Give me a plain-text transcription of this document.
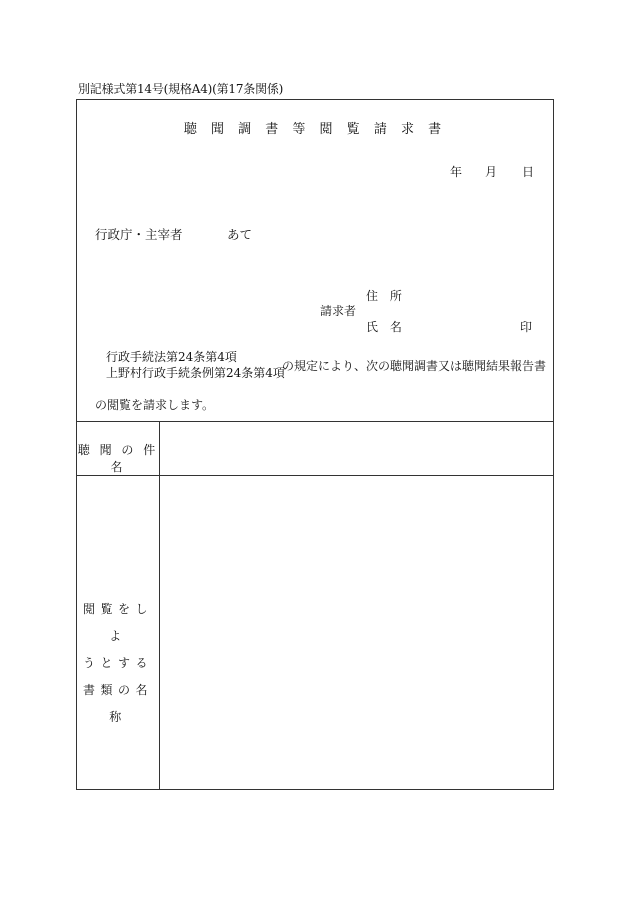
別記様式第14号(規格A4)(第17条関係)
聴 聞 調 書 等 閲 覧 請 求 書
年 月 日
行政庁・主宰者	あて
住 所
請求者
氏 名	印
行政手続法第24条第4項
上野村行政手続条例第24条第4項
の規定により、次の聴聞調書又は聴聞結果報告書
の閲覧を請求します。
聴 聞 の 件 名
閲覧をしよ
うとする
書類の名称
